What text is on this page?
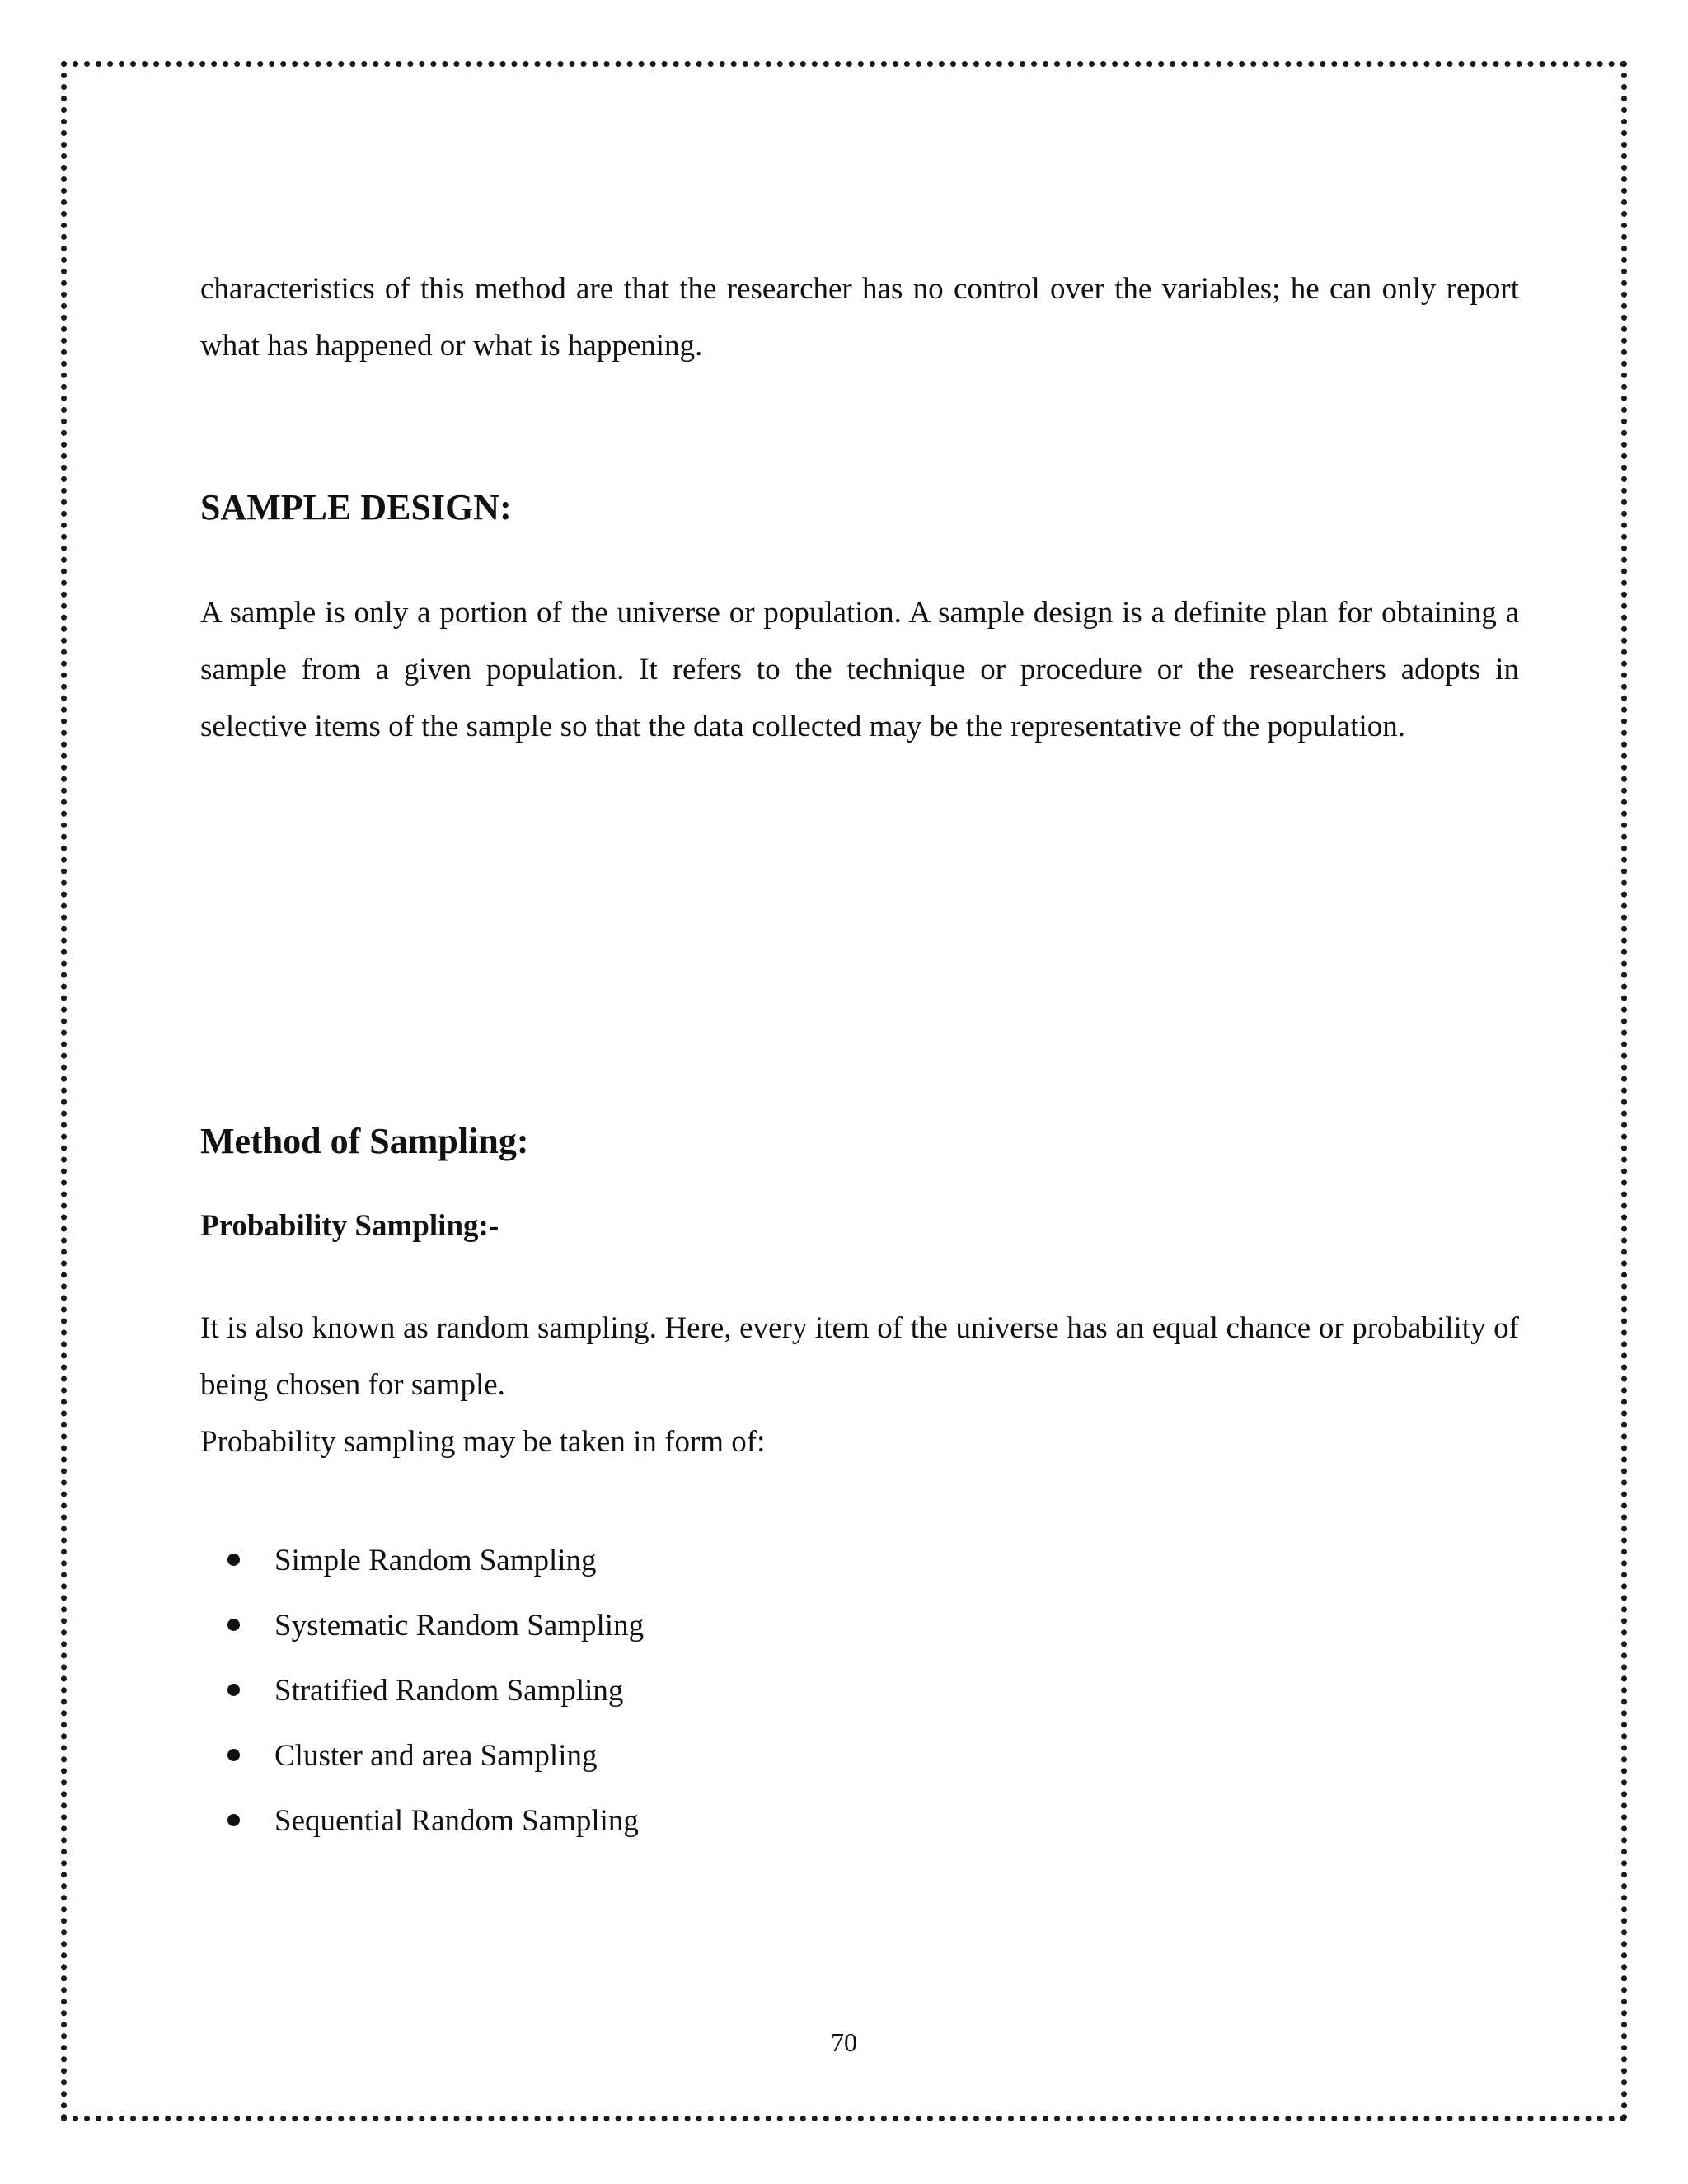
characteristics of this method are that the researcher has no control over the variables; he can only report what has happened or what is happening.

SAMPLE DESIGN:

A sample is only a portion of the universe or population. A sample design is a definite plan for obtaining a sample from a given population. It refers to the technique or procedure or the researchers adopts in selective items of the sample so that the data collected may be the representative of the population.

Method of Sampling:
Probability Sampling:-

It is also known as random sampling. Here, every item of the universe has an equal chance or probability of being chosen for sample.

Probability sampling may be taken in form of:

Simple Random Sampling
Systematic Random Sampling
Stratified Random Sampling
Cluster and area Sampling
Sequential Random Sampling
70
